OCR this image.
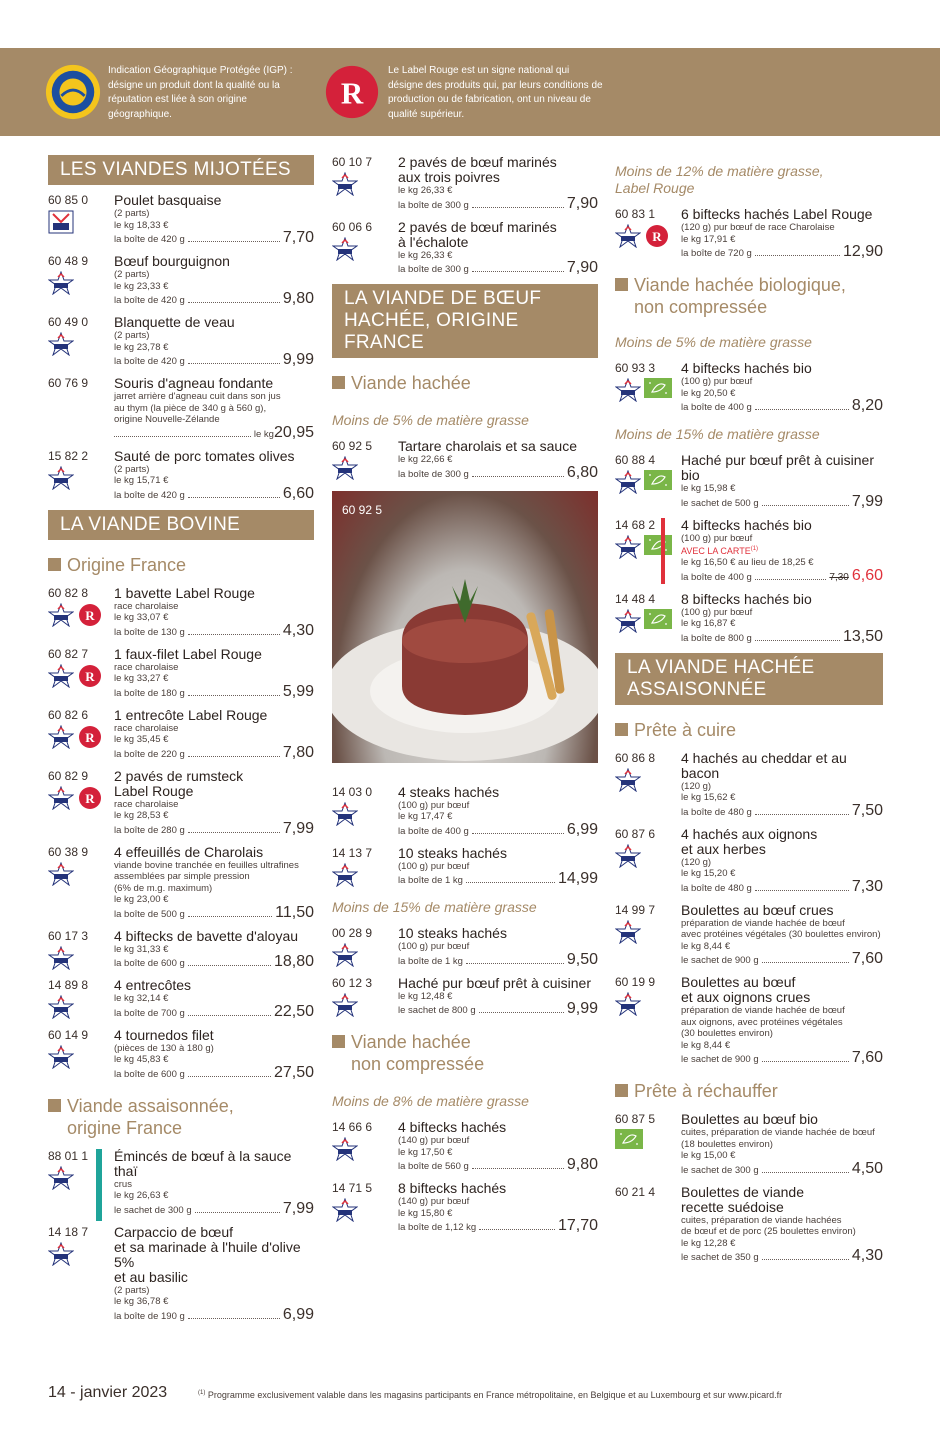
Indication Géographique Protégée (IGP) : désigne un produit dont la qualité ou la réputation est liée à son origine géographique.
R
Le Label Rouge est un signe national qui désigne des produits qui, par leurs conditions de production ou de fabrication, ont un niveau de qualité supérieur.
LES VIANDES MIJOTÉES
60 85 0	Poulet basquaise
(2 parts)
le kg 18,33 €
la boîte de 420 g	7,70
60 48 9	Bœuf bourguignon
(2 parts)
le kg 23,33 €
la boîte de 420 g	9,80
60 49 0	Blanquette de veau
(2 parts)
le kg 23,78 €
la boîte de 420 g	9,99
60 76 9	Souris d'agneau fondante
jarret arrière d'agneau cuit dans son jus
au thym (la pièce de 340 g à 560 g),
origine Nouvelle-Zélande
le kg 20,95
15 82 2	Sauté de porc tomates olives
(2 parts)
le kg 15,71 €
la boîte de 420 g	6,60
LA VIANDE BOVINE
Origine France
60 82 8
R
1 bavette Label Rouge
race charolaise
le kg 33,07 €
la boîte de 130 g	4,30
60 82 7
R
1 faux-filet Label Rouge
race charolaise
le kg 33,27 €
la boîte de 180 g	5,99
60 82 6
R
1 entrecôte Label Rouge
race charolaise
le kg 35,45 €
la boîte de 220 g	7,80
60 82 9
R
2 pavés de rumsteck
Label Rouge
race charolaise
le kg 28,53 €
la boîte de 280 g	7,99
60 38 9	4 effeuillés de Charolais
viande bovine tranchée en feuilles ultrafines
assemblées par simple pression
(6% de m.g. maximum)
le kg 23,00 €
la boîte de 500 g	11,50
60 17 3	4 biftecks de bavette d'aloyau
le kg 31,33 €
la boîte de 600 g	18,80
14 89 8	4 entrecôtes
le kg 32,14 €
la boîte de 700 g	22,50
60 14 9	4 tournedos filet
(pièces de 130 à 180 g)
le kg 45,83 €
la boîte de 600 g	27,50
Viande assaisonnée,
origine France
88 01 1	Émincés de bœuf à la sauce thaï
crus
le kg 26,63 €
le sachet de 300 g	7,99
14 18 7	Carpaccio de bœuf
et sa marinade à l'huile d'olive 5%
et au basilic
(2 parts)
le kg 36,78 €
la boîte de 190 g	6,99
60 10 7	2 pavés de bœuf marinés
aux trois poivres
le kg 26,33 €
la boîte de 300 g	7,90
60 06 6	2 pavés de bœuf marinés
à l'échalote
le kg 26,33 €
la boîte de 300 g	7,90
LA VIANDE DE BŒUF
HACHÉE, ORIGINE FRANCE
Viande hachée
Moins de 5% de matière grasse
60 92 5	Tartare charolais et sa sauce
le kg 22,66 €
la boîte de 300 g	6,80
60 92 5
14 03 0	4 steaks hachés
(100 g) pur bœuf
le kg 17,47 €
la boîte de 400 g	6,99
14 13 7	10 steaks hachés
(100 g) pur bœuf
la boîte de 1 kg	14,99
Moins de 15% de matière grasse
00 28 9	10 steaks hachés
(100 g) pur bœuf
la boîte de 1 kg	9,50
60 12 3	Haché pur bœuf prêt à cuisiner
le kg 12,48 €
le sachet de 800 g	9,99
Viande hachée
non compressée
Moins de 8% de matière grasse
14 66 6	4 biftecks hachés
(140 g) pur bœuf
le kg 17,50 €
la boîte de 560 g	9,80
14 71 5	8 biftecks hachés
(140 g) pur bœuf
le kg 15,80 €
la boîte de 1,12 kg	17,70
Moins de 12% de matière grasse,
Label Rouge
60 83 1
R
6 biftecks hachés Label Rouge
(120 g) pur bœuf de race Charolaise
le kg 17,91 €
la boîte de 720 g	12,90
Viande hachée biologique,
non compressée
Moins de 5% de matière grasse
60 93 3	4 biftecks hachés bio
(100 g) pur bœuf
le kg 20,50 €
la boîte de 400 g	8,20
Moins de 15% de matière grasse
60 88 4	Haché pur bœuf prêt à cuisiner
bio
le kg 15,98 €
le sachet de 500 g	7,99
14 68 2	4 biftecks hachés bio
(100 g) pur bœuf
AVEC LA CARTE$^{(1)}$
le kg 16,50 € au lieu de 18,25 €
la boîte de 400 g	7,30 6,60
14 48 4	8 biftecks hachés bio
(100 g) pur bœuf
le kg 16,87 €
la boîte de 800 g	13,50
LA VIANDE HACHÉE
ASSAISONNÉE
Prête à cuire
60 86 8	4 hachés au cheddar et au bacon
(120 g)
le kg 15,62 €
la boîte de 480 g	7,50
60 87 6	4 hachés aux oignons
et aux herbes
(120 g)
le kg 15,20 €
la boîte de 480 g	7,30
14 99 7	Boulettes au bœuf crues
préparation de viande hachée de bœuf
avec protéines végétales (30 boulettes environ)
le kg 8,44 €
le sachet de 900 g	7,60
60 19 9	Boulettes au bœuf
et aux oignons crues
préparation de viande hachée de bœuf
aux oignons, avec protéines végétales
(30 boulettes environ)
le kg 8,44 €
le sachet de 900 g	7,60
Prête à réchauffer
60 87 5	Boulettes au bœuf bio
cuites, préparation de viande hachée de bœuf
(18 boulettes environ)
le kg 15,00 €
le sachet de 300 g	4,50
60 21 4	Boulettes de viande
recette suédoise
cuites, préparation de viande hachées
de bœuf et de porc (25 boulettes environ)
le kg 12,28 €
le sachet de 350 g	4,30
14 - janvier 2023	$^{(1)}$ Programme exclusivement valable dans les magasins participants en France métropolitaine, en Belgique et au Luxembourg et sur www.picard.fr
